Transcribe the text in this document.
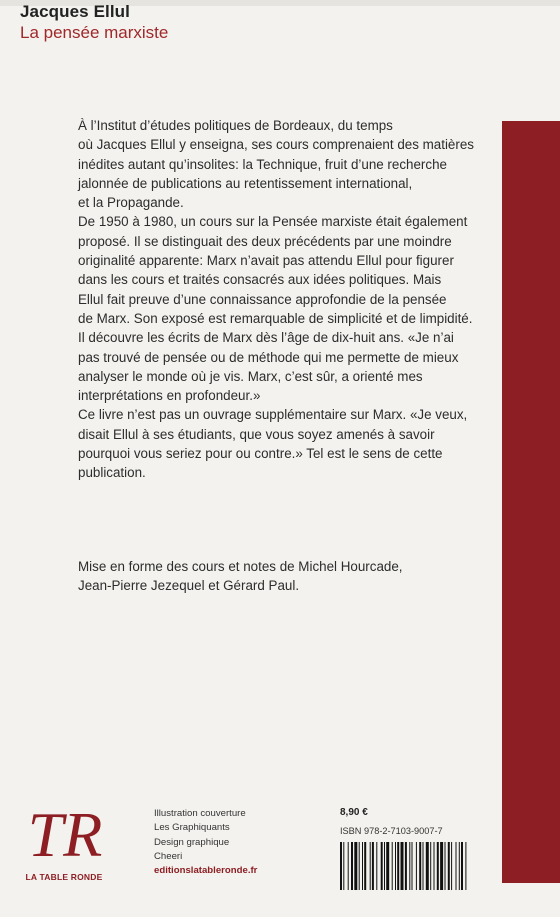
Jacques Ellul
La pensée marxiste

À l’Institut d’études politiques de Bordeaux, du temps
où Jacques Ellul y enseigna, ses cours comprenaient des matières
inédites autant qu’insolites: la Technique, fruit d’une recherche
jalonnée de publications au retentissement international,
et la Propagande.

De 1950 à 1980, un cours sur la Pensée marxiste était également
proposé. Il se distinguait des deux précédents par une moindre
originalité apparente: Marx n’avait pas attendu Ellul pour figurer
dans les cours et traités consacrés aux idées politiques. Mais
Ellul fait preuve d’une connaissance approfondie de la pensée
de Marx. Son exposé est remarquable de simplicité et de limpidité.
Il découvre les écrits de Marx dès l’âge de dix-huit ans. «Je n’ai
pas trouvé de pensée ou de méthode qui me permette de mieux
analyser le monde où je vis. Marx, c’est sûr, a orienté mes
interprétations en profondeur.»

Ce livre n’est pas un ouvrage supplémentaire sur Marx. «Je veux,
disait Ellul à ses étudiants, que vous soyez amenés à savoir
pourquoi vous seriez pour ou contre.» Tel est le sens de cette
publication.

Mise en forme des cours et notes de Michel Hourcade,
Jean-Pierre Jezequel et Gérard Paul.
TR
LA TABLE RONDE
Illustration couverture
Les Graphiquants
Design graphique
Cheeri
editionslatableronde.fr
8,90 €
ISBN 978-2-7103-9007-7
